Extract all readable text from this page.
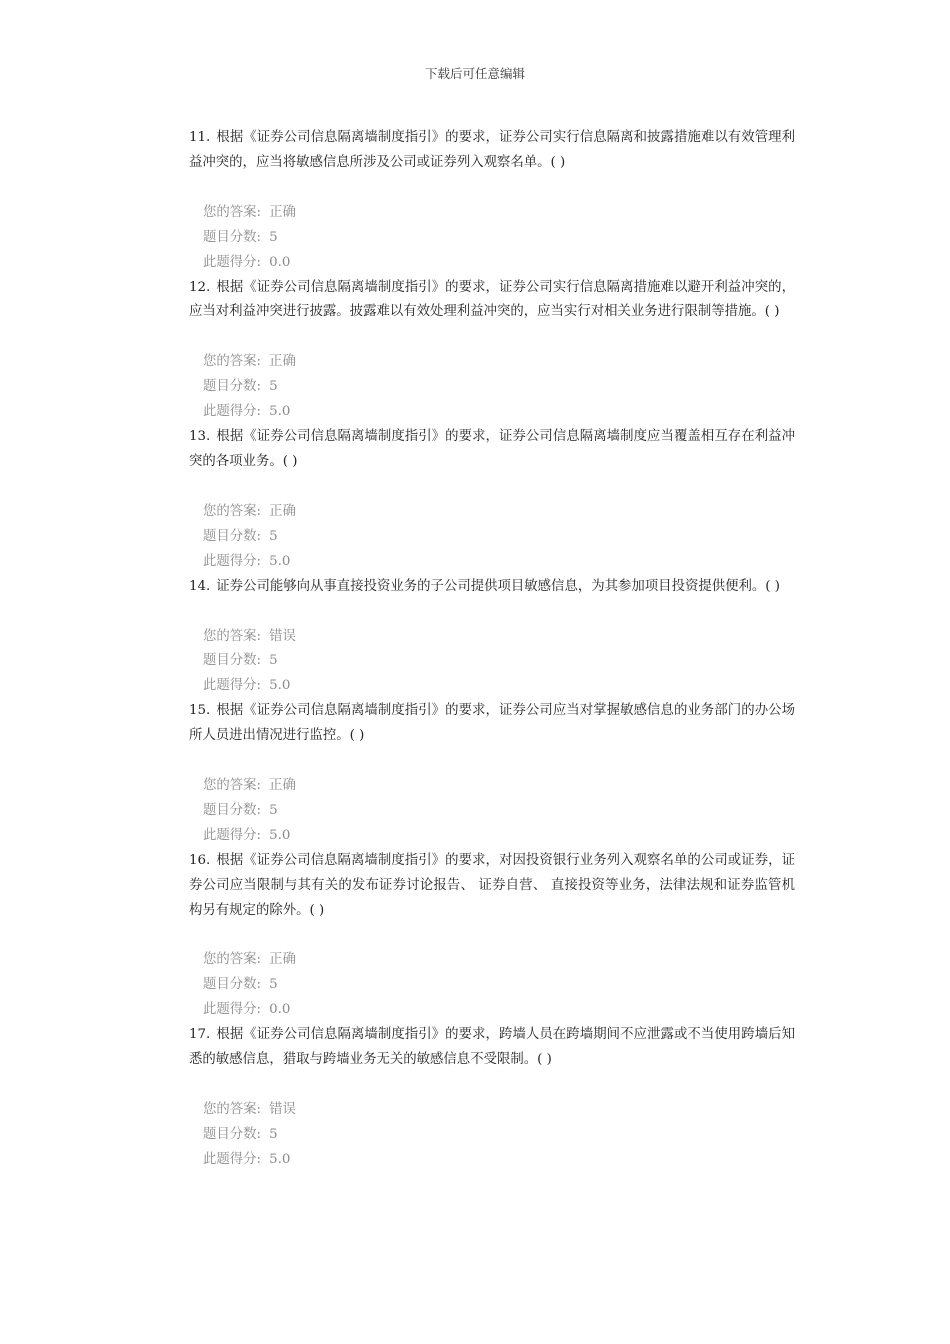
下载后可任意编辑

11. 根据《证券公司信息隔离墙制度指引》的要求，证券公司实行信息隔离和披露措施难以有效管理利益冲突的，应当将敏感信息所涉及公司或证券列入观察名单。( )

您的答案: 正确
题目分数: 5
此题得分: 0.0

12. 根据《证券公司信息隔离墙制度指引》的要求，证券公司实行信息隔离措施难以避开利益冲突的，应当对利益冲突进行披露。披露难以有效处理利益冲突的，应当实行对相关业务进行限制等措施。( )

您的答案: 正确
题目分数: 5
此题得分: 5.0

13. 根据《证券公司信息隔离墙制度指引》的要求，证券公司信息隔离墙制度应当覆盖相互存在利益冲突的各项业务。( )

您的答案: 正确
题目分数: 5
此题得分: 5.0

14. 证券公司能够向从事直接投资业务的子公司提供项目敏感信息，为其参加项目投资提供便利。( )

您的答案: 错误
题目分数: 5
此题得分: 5.0

15. 根据《证券公司信息隔离墙制度指引》的要求，证券公司应当对掌握敏感信息的业务部门的办公场所人员进出情况进行监控。( )

您的答案: 正确
题目分数: 5
此题得分: 5.0

16. 根据《证券公司信息隔离墙制度指引》的要求，对因投资银行业务列入观察名单的公司或证券，证券公司应当限制与其有关的发布证券讨论报告、 证券自营、 直接投资等业务，法律法规和证券监管机构另有规定的除外。( )

您的答案: 正确
题目分数: 5
此题得分: 0.0

17. 根据《证券公司信息隔离墙制度指引》的要求，跨墙人员在跨墙期间不应泄露或不当使用跨墙后知悉的敏感信息，猎取与跨墙业务无关的敏感信息不受限制。( )

您的答案: 错误
题目分数: 5
此题得分: 5.0
